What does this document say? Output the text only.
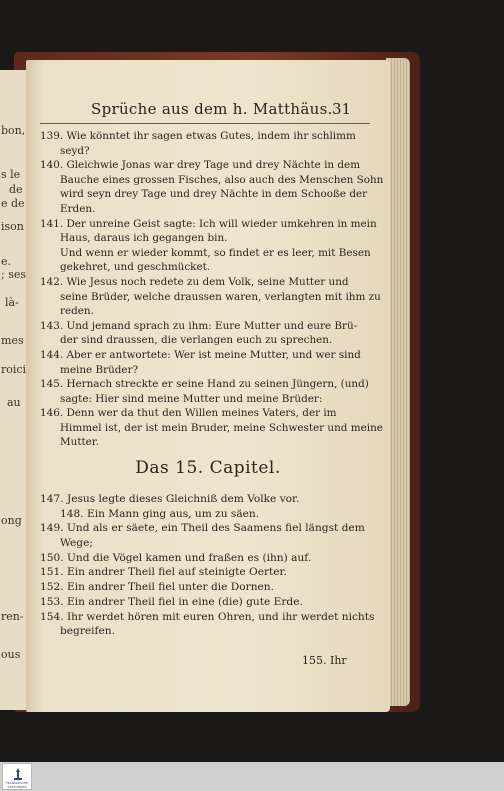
bon,
s le
de
e de
ison
e.
; ses
là-
mes
roici
au
ong
ren-
ous
Sprüche aus dem h. Matthäus. 31
139. Wie könntet ihr sagen etwas Gutes, indem ihr schlimm
seyd?
140. Gleichwie Jonas war drey Tage und drey Nächte in dem
Bauche eines grossen Fisches, also auch des Menschen Sohn
wird seyn drey Tage und drey Nächte in dem Schooße der
Erden.
141. Der unreine Geist sagte: Ich will wieder umkehren in mein
Haus, daraus ich gegangen bin.
Und wenn er wieder kommt, so findet er es leer, mit Besen
gekehret, und geschmücket.
142. Wie Jesus noch redete zu dem Volk, seine Mutter und
seine Brüder, welche draussen waren, verlangten mit ihm zu
reden.
143. Und jemand sprach zu ihm: Eure Mutter und eure Brü-
der sind draussen, die verlangen euch zu sprechen.
144. Aber er antwortete: Wer ist meine Mutter, und wer sind
meine Brüder?
145. Hernach streckte er seine Hand zu seinen Jüngern, (und)
sagte: Hier sind meine Mutter und meine Brüder:
146. Denn wer da thut den Willen meines Vaters, der im
Himmel ist, der ist mein Bruder, meine Schwester und meine
Mutter.
Das 15. Capitel.
147. Jesus legte dieses Gleichniß dem Volke vor.
148. Ein Mann ging aus, um zu säen.
149. Und als er säete, ein Theil des Saamens fiel längst dem
Wege;
150. Und die Vögel kamen und fraßen es (ihn) auf.
151. Ein andrer Theil fiel auf steinigte Oerter.
152. Ein andrer Theil fiel unter die Dornen.
153. Ein andrer Theil fiel in eine (die) gute Erde.
154. Ihr werdet hören mit euren Ohren, und ihr werdet nichts
begreifen.
155. Ihr
FRANCKESCHE STIFTUNGEN
